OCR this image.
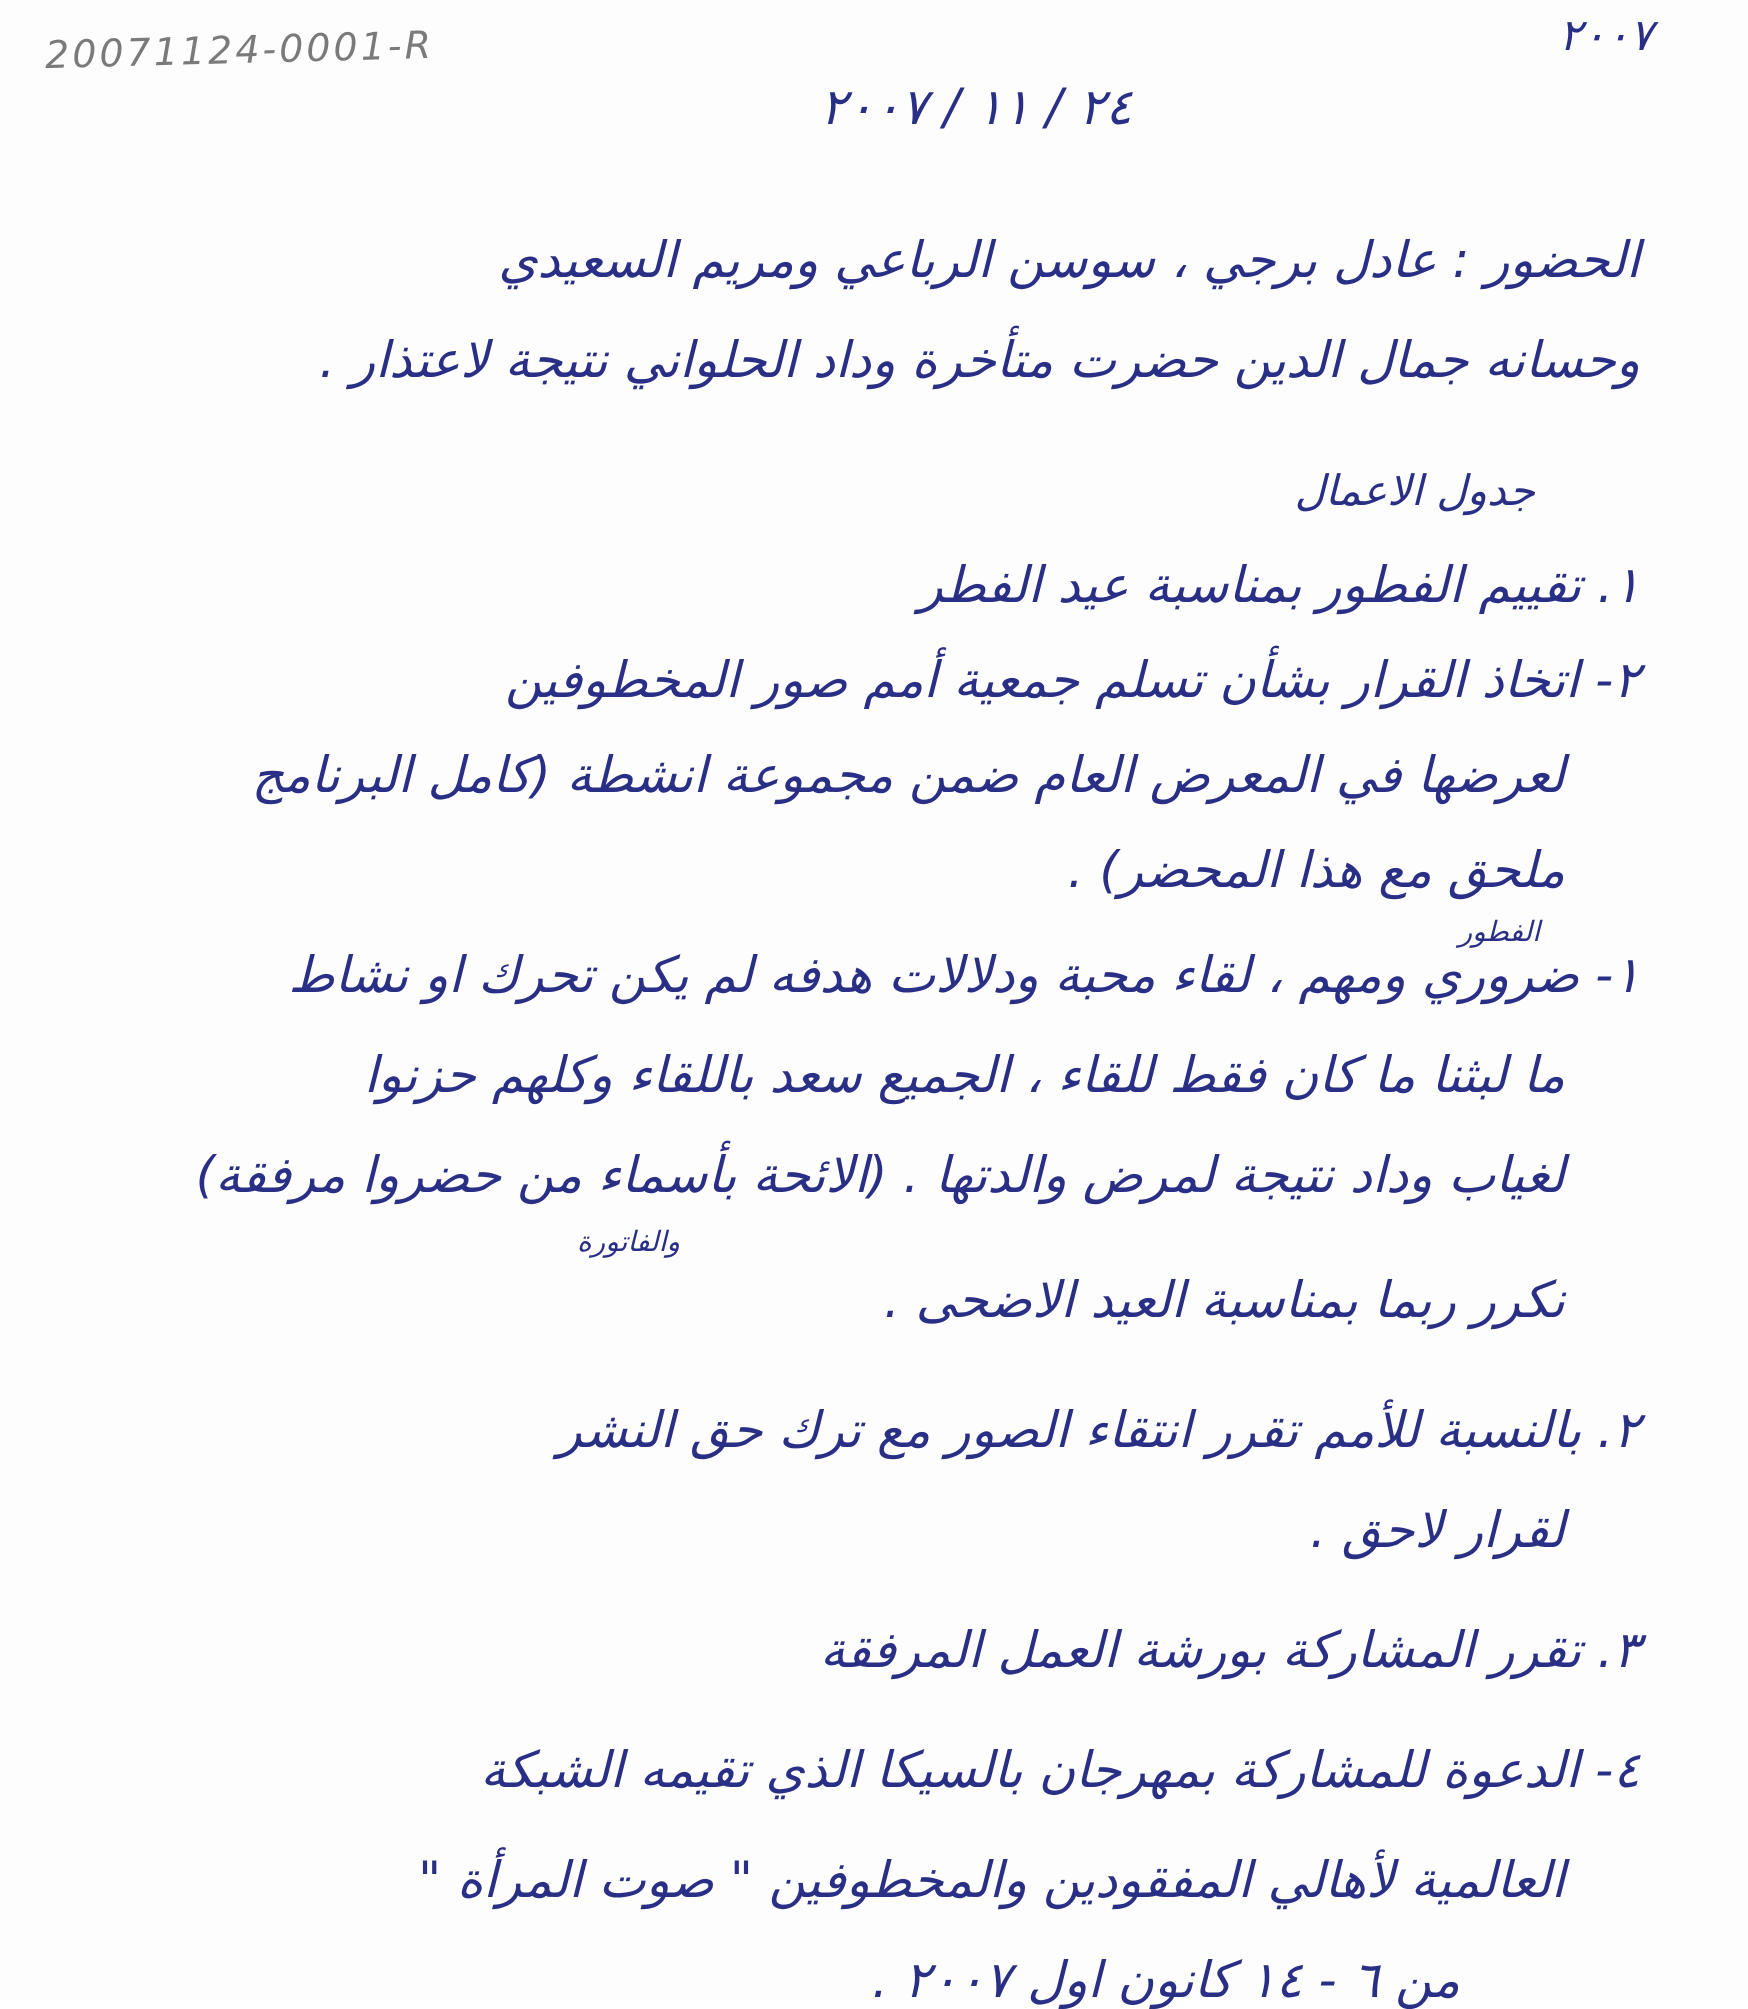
20071124-0001-R	٢٠٠٧
٢٤ / ١١ / ٢٠٠٧
الحضور : عادل برجي ، سوسن الرباعي ومريم السعيدي
وحسانه جمال الدين حضرت متأخرة وداد الحلواني نتيجة لاعتذار .
جدول الاعمال
١. تقييم الفطور بمناسبة عيد الفطر
٢- اتخاذ القرار بشأن تسلم جمعية أمم صور المخطوفين
لعرضها في المعرض العام ضمن مجموعة انشطة (كامل البرنامج
ملحق مع هذا المحضر) .
١- ضروري ومهم ، لقاء محبة ودلالات هدفه لم يكن تحرك او نشاط
ما لبثنا ما كان فقط للقاء ، الجميع سعد باللقاء وكلهم حزنوا
لغياب وداد نتيجة لمرض والدتها . (الائحة بأسماء من حضروا مرفقة)
نكرر ربما بمناسبة العيد الاضحى .
٢. بالنسبة للأمم تقرر انتقاء الصور مع ترك حق النشر
لقرار لاحق .
٣. تقرر المشاركة بورشة العمل المرفقة
٤- الدعوة للمشاركة بمهرجان بالسيكا الذي تقيمه الشبكة
العالمية لأهالي المفقودين والمخطوفين " صوت المرأة "
من ٦ - ١٤ كانون اول ٢٠٠٧ .
الفطور
والفاتورة
